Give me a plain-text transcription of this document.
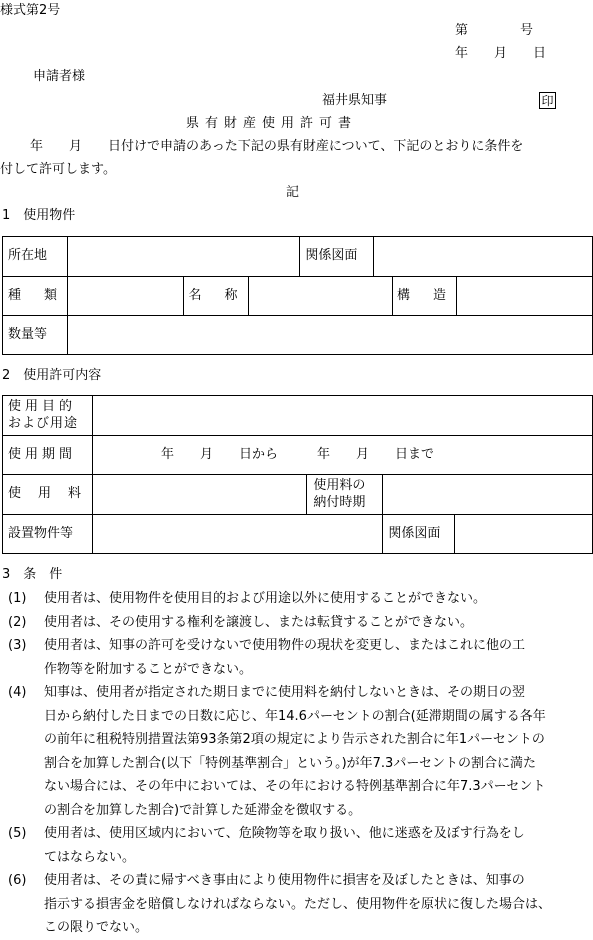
様式第2号
第　　　　号
年　　月　　日
申請者様
福井県知事	印
県有財産使用許可書
年　　月　　日付けで申請のあった下記の県有財産について、下記のとおりに条件を
付して許可します。
記
1　使用物件
所在地				関係図面			
種　類		名　称				構　造	
数量等							
2　使用許可内容
使用目的
および用途				

使用期間	年　　月　　日から　　　年　　月　　日まで			
使　用　料		使用料の
納付時期		

設置物件等			関係図面	
3　条　件
(1)	使用者は、使用物件を使用目的および用途以外に使用することができない。
(2)	使用者は、その使用する権利を譲渡し、または転貸することができない。
(3)	使用者は、知事の許可を受けないで使用物件の現状を変更し、またはこれに他の工
作物等を附加することができない。
(4)	知事は、使用者が指定された期日までに使用料を納付しないときは、その期日の翌
日から納付した日までの日数に応じ、年14.6パーセントの割合(延滞期間の属する各年
の前年に租税特別措置法第93条第2項の規定により告示された割合に年1パーセントの
割合を加算した割合(以下「特例基準割合」という。)が年7.3パーセントの割合に満た
ない場合には、その年中においては、その年における特例基準割合に年7.3パーセント
の割合を加算した割合)で計算した延滞金を徴収する。
(5)	使用者は、使用区域内において、危険物等を取り扱い、他に迷惑を及ぼす行為をし
てはならない。
(6)	使用者は、その責に帰すべき事由により使用物件に損害を及ぼしたときは、知事の
指示する損害金を賠償しなければならない。ただし、使用物件を原状に復した場合は、
この限りでない。
